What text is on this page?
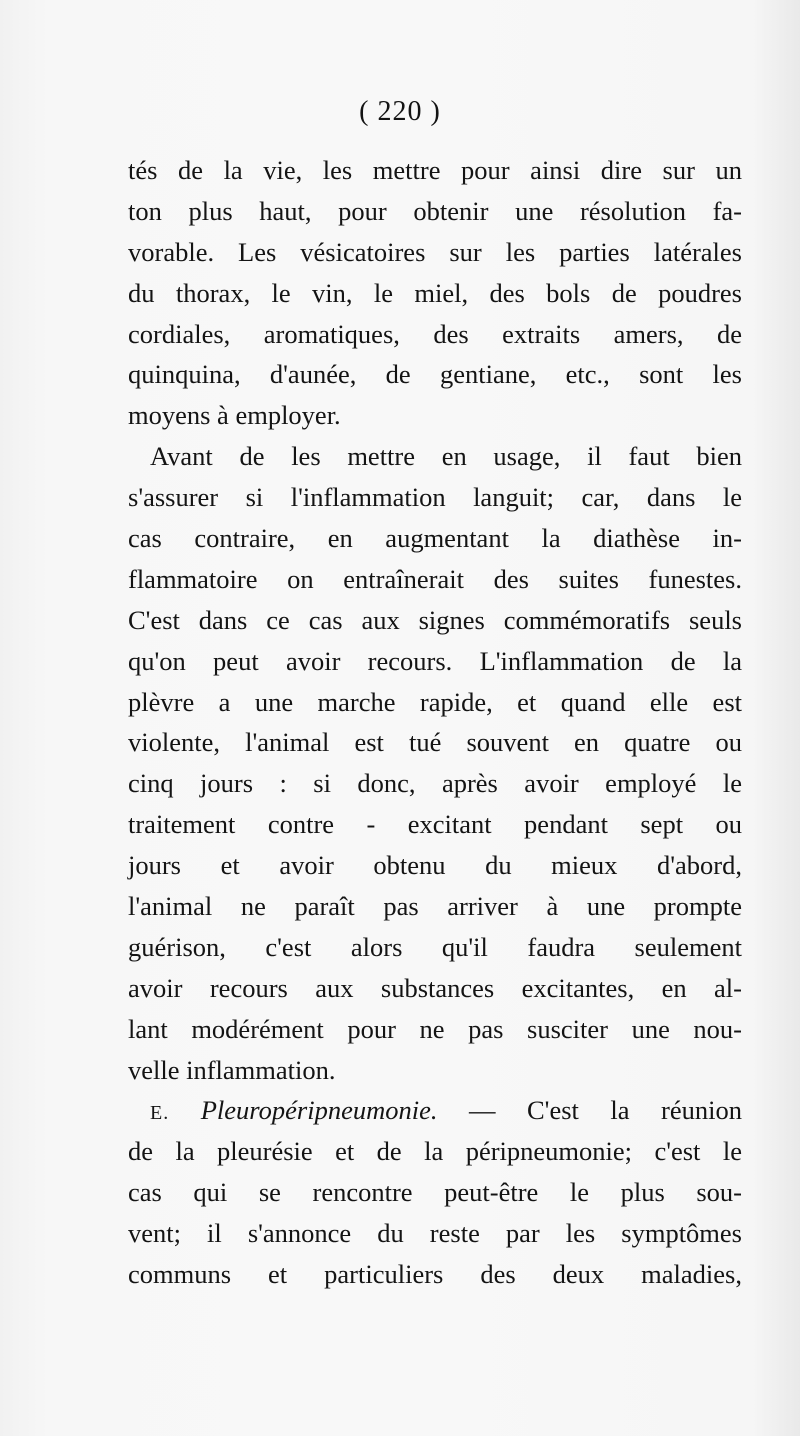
( 220 )
tés de la vie, les mettre pour ainsi dire sur un
ton plus haut, pour obtenir une résolution fa-
vorable. Les vésicatoires sur les parties latérales
du thorax, le vin, le miel, des bols de poudres
cordiales, aromatiques, des extraits amers, de
quinquina, d'aunée, de gentiane, etc., sont les
moyens à employer.
Avant de les mettre en usage, il faut bien
s'assurer si l'inflammation languit; car, dans le
cas contraire, en augmentant la diathèse in-
flammatoire on entraînerait des suites funestes.
C'est dans ce cas aux signes commémoratifs seuls
qu'on peut avoir recours. L'inflammation de la
plèvre a une marche rapide, et quand elle est
violente, l'animal est tué souvent en quatre ou
cinq jours : si donc, après avoir employé le
traitement contre - excitant pendant sept ou
jours et avoir obtenu du mieux d'abord,
l'animal ne paraît pas arriver à une prompte
guérison, c'est alors qu'il faudra seulement
avoir recours aux substances excitantes, en al-
lant modérément pour ne pas susciter une nou-
velle inflammation.
E. Pleuropéripneumonie. — C'est la réunion
de la pleurésie et de la péripneumonie; c'est le
cas qui se rencontre peut-être le plus sou-
vent; il s'annonce du reste par les symptômes
communs et particuliers des deux maladies,
